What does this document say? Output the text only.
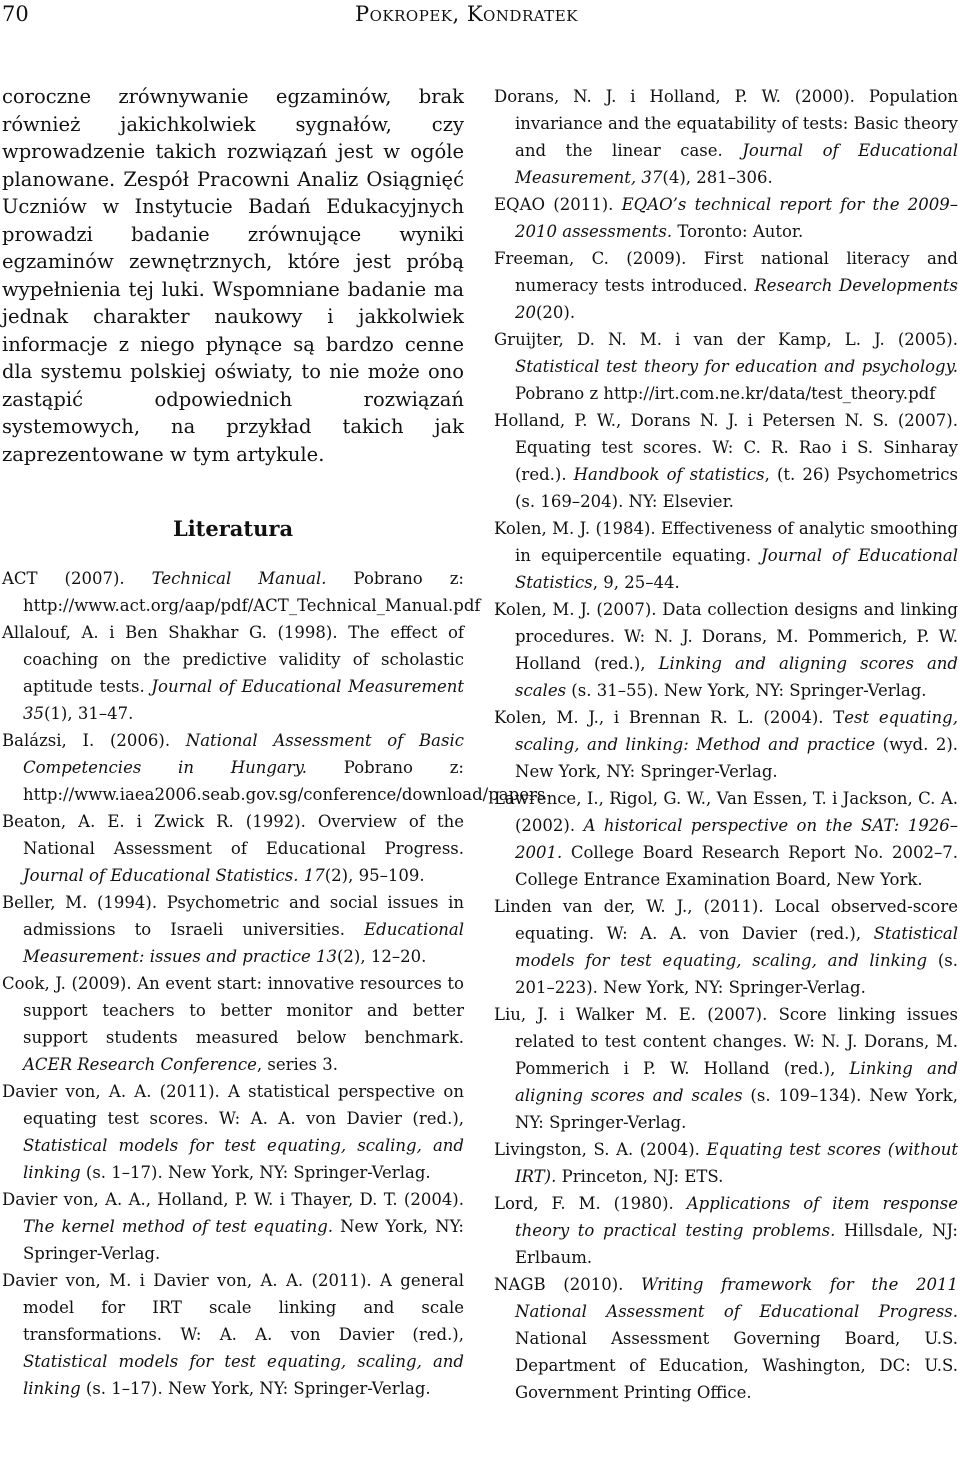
70	Pokropek, Kondratek

coroczne zrównywanie egzaminów, brak również jakichkolwiek sygnałów, czy wprowadzenie takich rozwiązań jest w ogóle planowane. Zespół Pracowni Analiz Osiągnięć Uczniów w Instytucie Badań Edukacyjnych prowadzi badanie zrównujące wyniki egzaminów zewnętrznych, które jest próbą wypełnienia tej luki. Wspomniane badanie ma jednak charakter naukowy i jakkolwiek informacje z niego płynące są bardzo cenne dla systemu polskiej oświaty, to nie może ono zastąpić odpowiednich rozwiązań systemowych, na przykład takich jak zaprezentowane w tym artykule.

Literatura

ACT (2007). Technical Manual. Pobrano z: http://www.act.org/aap/pdf/ACT_Technical_Manual.pdf

Allalouf, A. i Ben Shakhar G. (1998). The effect of coaching on the predictive validity of scholastic aptitude tests. Journal of Educational Measurement 35(1), 31–47.

Balázsi, I. (2006). National Assessment of Basic Competencies in Hungary. Pobrano z: http://www.iaea2006.seab.gov.sg/conference/download/papers

Beaton, A. E. i Zwick R. (1992). Overview of the National Assessment of Educational Progress. Journal of Educational Statistics. 17(2), 95–109.

Beller, M. (1994). Psychometric and social issues in admissions to Israeli universities. Educational Measurement: issues and practice 13(2), 12–20.

Cook, J. (2009). An event start: innovative resources to support teachers to better monitor and better support students measured below benchmark. ACER Research Conference, series 3.

Davier von, A. A. (2011). A statistical perspective on equating test scores. W: A. A. von Davier (red.), Statistical models for test equating, scaling, and linking (s. 1–17). New York, NY: Springer-Verlag.

Davier von, A. A., Holland, P. W. i Thayer, D. T. (2004). The kernel method of test equating. New York, NY: Springer-Verlag.

Davier von, M. i Davier von, A. A. (2011). A general model for IRT scale linking and scale transformations. W: A. A. von Davier (red.), Statistical models for test equating, scaling, and linking (s. 1–17). New York, NY: Springer-Verlag.

Dorans, N. J. i Holland, P. W. (2000). Population invariance and the equatability of tests: Basic theory and the linear case. Journal of Educational Measurement, 37(4), 281–306.

EQAO (2011). EQAO’s technical report for the 2009–2010 assessments. Toronto: Autor.

Freeman, C. (2009). First national literacy and numeracy tests introduced. Research Developments 20(20).

Gruijter, D. N. M. i van der Kamp, L. J. (2005). Statistical test theory for education and psychology. Pobrano z http://irt.com.ne.kr/data/test_theory.pdf

Holland, P. W., Dorans N. J. i Petersen N. S. (2007). Equating test scores. W: C. R. Rao i S. Sinharay (red.). Handbook of statistics, (t. 26) Psychometrics (s. 169–204). NY: Elsevier.

Kolen, M. J. (1984). Effectiveness of analytic smoothing in equipercentile equating. Journal of Educational Statistics, 9, 25–44.

Kolen, M. J. (2007). Data collection designs and linking procedures. W: N. J. Dorans, M. Pommerich, P. W. Holland (red.), Linking and aligning scores and scales (s. 31–55). New York, NY: Springer-Verlag.

Kolen, M. J., i Brennan R. L. (2004). Test equating, scaling, and linking: Method and practice (wyd. 2). New York, NY: Springer-Verlag.

Lawrence, I., Rigol, G. W., Van Essen, T. i Jackson, C. A. (2002). A historical perspective on the SAT: 1926–2001. College Board Research Report No. 2002–7. College Entrance Examination Board, New York.

Linden van der, W. J., (2011). Local observed-score equating. W: A. A. von Davier (red.), Statistical models for test equating, scaling, and linking (s. 201–223). New York, NY: Springer-Verlag.

Liu, J. i Walker M. E. (2007). Score linking issues related to test content changes. W: N. J. Dorans, M. Pommerich i P. W. Holland (red.), Linking and aligning scores and scales (s. 109–134). New York, NY: Springer-Verlag.

Livingston, S. A. (2004). Equating test scores (without IRT). Princeton, NJ: ETS.

Lord, F. M. (1980). Applications of item response theory to practical testing problems. Hillsdale, NJ: Erlbaum.

NAGB (2010). Writing framework for the 2011 National Assessment of Educational Progress. National Assessment Governing Board, U.S. Department of Education, Washington, DC: U.S. Government Printing Office.
